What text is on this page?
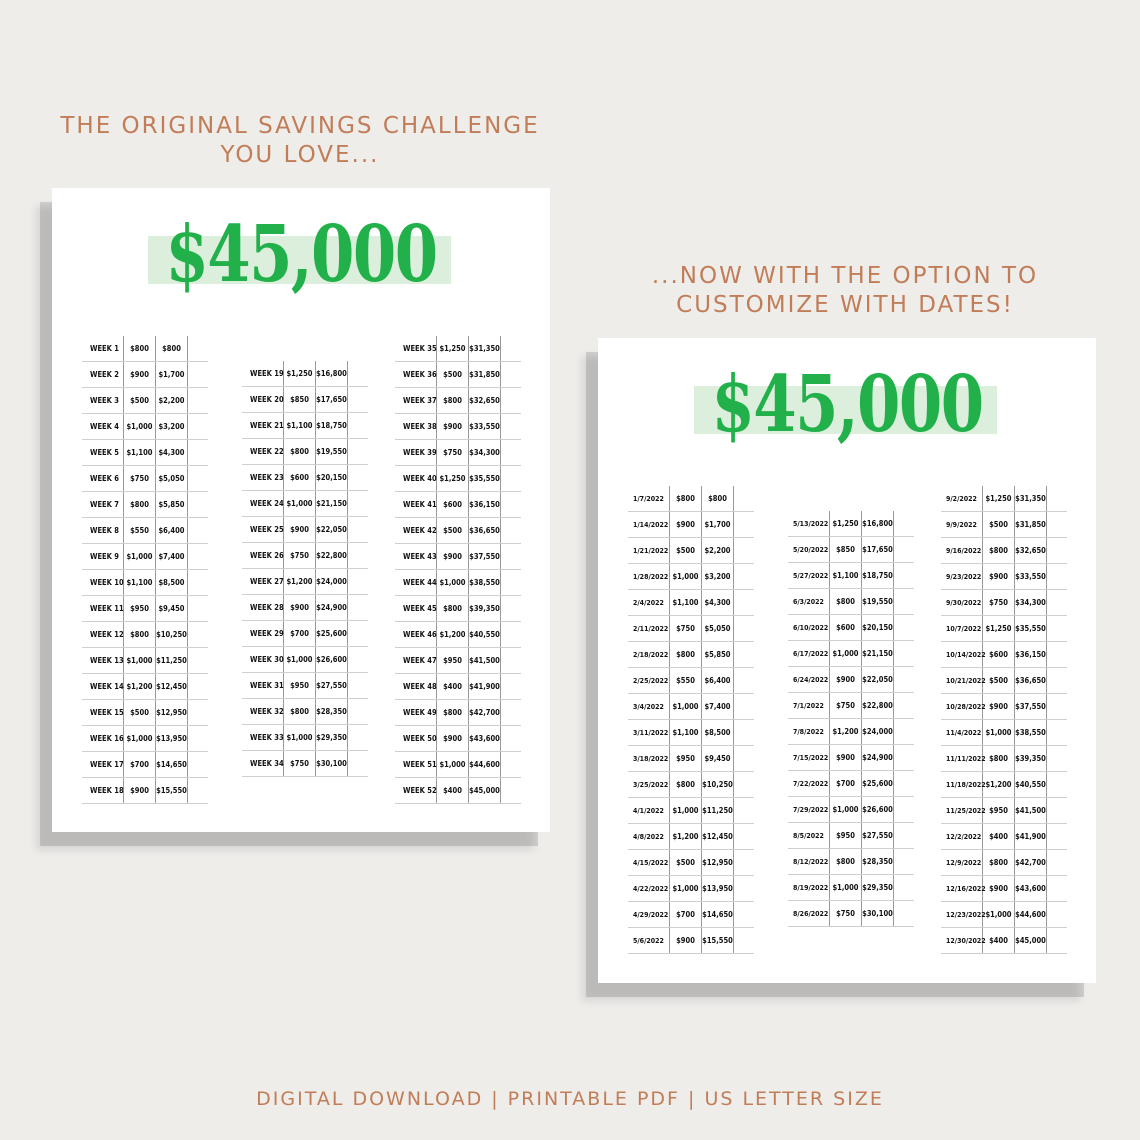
THE ORIGINAL SAVINGS CHALLENGE
YOU LOVE...
$45,000
WEEK 1	$800	$800
WEEK 2	$900	$1,700
WEEK 3	$500	$2,200
WEEK 4	$1,000 $3,200
WEEK 5	$1,100 $4,300
WEEK 6	$750	$5,050
WEEK 7	$800	$5,850
WEEK 8	$550	$6,400
WEEK 9	$1,000 $7,400
WEEK 10 $1,100 $8,500
WEEK 11 $950	$9,450
WEEK 12 $800 $10,250
WEEK 13 $1,000 $11,250
WEEK 14 $1,200 $12,450
WEEK 15 $500 $12,950
WEEK 16 $1,000 $13,950
WEEK 17 $700 $14,650
WEEK 18 $900 $15,550
WEEK 19 $1,250 $16,800
WEEK 20 $850 $17,650
WEEK 21 $1,100 $18,750
WEEK 22 $800 $19,550
WEEK 23 $600 $20,150
WEEK 24 $1,000 $21,150
WEEK 25 $900 $22,050
WEEK 26 $750 $22,800
WEEK 27 $1,200 $24,000
WEEK 28 $900 $24,900
WEEK 29 $700 $25,600
WEEK 30 $1,000 $26,600
WEEK 31 $950 $27,550
WEEK 32 $800 $28,350
WEEK 33 $1,000 $29,350
WEEK 34 $750 $30,100
WEEK 35 $1,250 $31,350
WEEK 36 $500 $31,850
WEEK 37 $800 $32,650
WEEK 38 $900 $33,550
WEEK 39 $750 $34,300
WEEK 40 $1,250 $35,550
WEEK 41 $600 $36,150
WEEK 42 $500 $36,650
WEEK 43 $900 $37,550
WEEK 44 $1,000 $38,550
WEEK 45 $800 $39,350
WEEK 46 $1,200 $40,550
WEEK 47 $950 $41,500
WEEK 48 $400 $41,900
WEEK 49 $800 $42,700
WEEK 50 $900 $43,600
WEEK 51 $1,000 $44,600
WEEK 52 $400 $45,000
...NOW WITH THE OPTION TO
CUSTOMIZE WITH DATES!
$45,000
1/7/2022	$800	$800
1/14/2022	$900	$1,700
1/21/2022	$500	$2,200
1/28/2022 $1,000 $3,200
2/4/2022	$1,100 $4,300
2/11/2022	$750	$5,050
2/18/2022	$800	$5,850
2/25/2022	$550	$6,400
3/4/2022	$1,000 $7,400
3/11/2022 $1,100 $8,500
3/18/2022	$950	$9,450
3/25/2022	$800 $10,250
4/1/2022	$1,000 $11,250
4/8/2022	$1,200 $12,450
4/15/2022	$500 $12,950
4/22/2022 $1,000 $13,950
4/29/2022	$700 $14,650
5/6/2022	$900 $15,550
5/13/2022 $1,250 $16,800
5/20/2022	$850 $17,650
5/27/2022 $1,100 $18,750
6/3/2022	$800 $19,550
6/10/2022	$600 $20,150
6/17/2022 $1,000 $21,150
6/24/2022	$900 $22,050
7/1/2022	$750 $22,800
7/8/2022	$1,200 $24,000
7/15/2022	$900 $24,900
7/22/2022	$700 $25,600
7/29/2022 $1,000 $26,600
8/5/2022	$950 $27,550
8/12/2022	$800 $28,350
8/19/2022 $1,000 $29,350
8/26/2022	$750 $30,100
9/2/2022	$1,250 $31,350
9/9/2022	$500 $31,850
9/16/2022	$800 $32,650
9/23/2022	$900 $33,550
9/30/2022	$750 $34,300
10/7/2022 $1,250 $35,550
10/14/2022 $600 $36,150
10/21/2022 $500 $36,650
10/28/2022 $900 $37,550
11/4/2022 $1,000 $38,550
11/11/2022 $800 $39,350
11/18/2022 $1,200 $40,550
11/25/2022 $950 $41,500
12/2/2022	$400 $41,900
12/9/2022	$800 $42,700
12/16/2022 $900 $43,600
12/23/2022 $1,000 $44,600
12/30/2022 $400 $45,000
DIGITAL DOWNLOAD | PRINTABLE PDF | US LETTER SIZE
